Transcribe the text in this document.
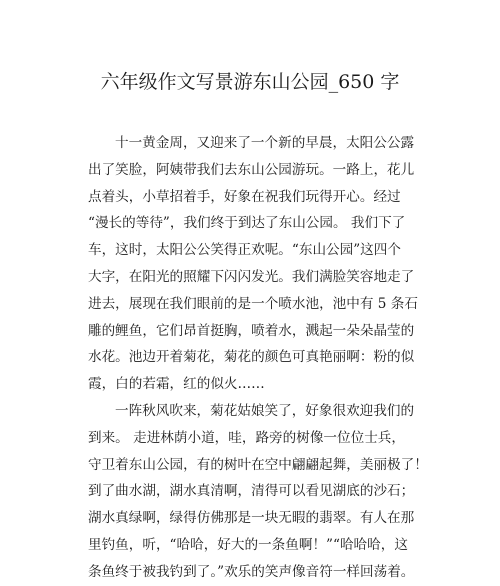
六年级作文写景游东山公园_650 字
十一黄金周，又迎来了一个新的早晨，太阳公公露
出了笑脸，阿姨带我们去东山公园游玩。一路上，花儿
点着头，小草招着手，好象在祝我们玩得开心。经过
“漫长的等待”，我们终于到达了东山公园。 我们下了
车，这时，太阳公公笑得正欢呢。“东山公园”这四个
大字，在阳光的照耀下闪闪发光。我们满脸笑容地走了
进去，展现在我们眼前的是一个喷水池，池中有 5 条石
雕的鲤鱼，它们昂首挺胸，喷着水，溅起一朵朵晶莹的
水花。池边开着菊花，菊花的颜色可真艳丽啊：粉的似
霞，白的若霜，红的似火……
一阵秋风吹来，菊花姑娘笑了，好象很欢迎我们的
到来。 走进林荫小道，哇，路旁的树像一位位士兵，
守卫着东山公园，有的树叶在空中翩翩起舞，美丽极了！
到了曲水湖，湖水真清啊，清得可以看见湖底的沙石；
湖水真绿啊，绿得仿佛那是一块无暇的翡翠。有人在那
里钓鱼，听，“哈哈，好大的一条鱼啊！”“哈哈哈，这
条鱼终于被我钓到了。”欢乐的笑声像音符一样回荡着。
